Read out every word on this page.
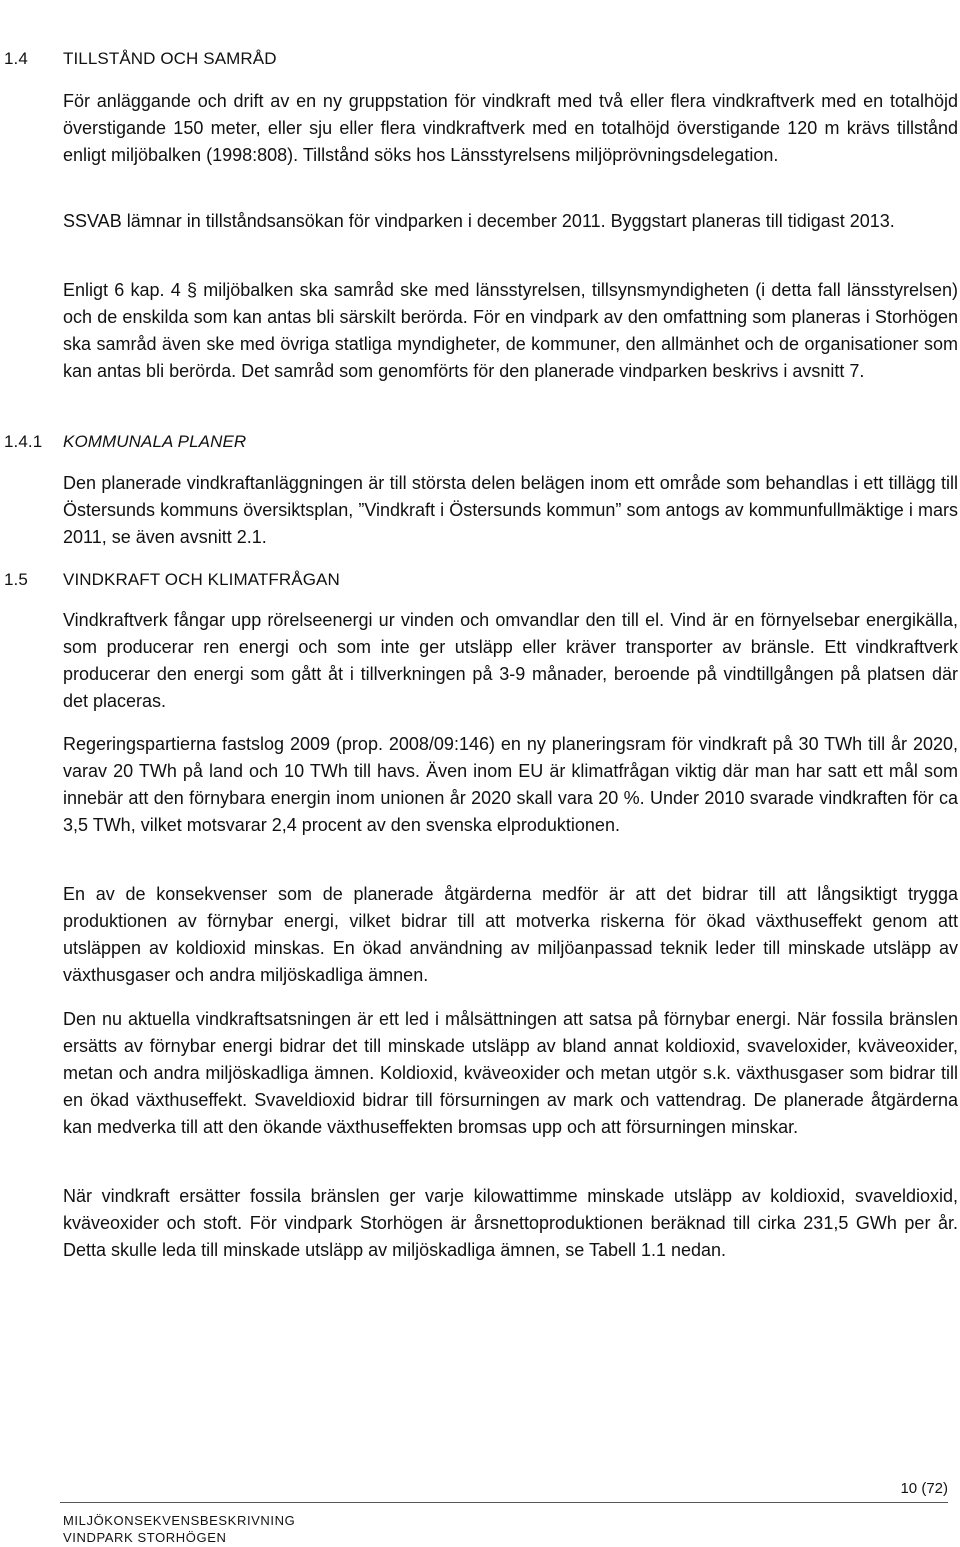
1.4 TILLSTÅND OCH SAMRÅD

För anläggande och drift av en ny gruppstation för vindkraft med två eller flera vindkraftverk med en totalhöjd överstigande 150 meter, eller sju eller flera vindkraftverk med en totalhöjd överstigande 120 m krävs tillstånd enligt miljöbalken (1998:808). Tillstånd söks hos Länsstyrelsens miljöprövningsdelegation.

SSVAB lämnar in tillståndsansökan för vindparken i december 2011. Byggstart planeras till tidigast 2013.

Enligt 6 kap. 4 § miljöbalken ska samråd ske med länsstyrelsen, tillsynsmyndigheten (i detta fall länsstyrelsen) och de enskilda som kan antas bli särskilt berörda. För en vindpark av den omfattning som planeras i Storhögen ska samråd även ske med övriga statliga myndigheter, de kommuner, den allmänhet och de organisationer som kan antas bli berörda. Det samråd som genomförts för den planerade vindparken beskrivs i avsnitt 7.

1.4.1 KOMMUNALA PLANER

Den planerade vindkraftanläggningen är till största delen belägen inom ett område som behandlas i ett tillägg till Östersunds kommuns översiktsplan, ”Vindkraft i Östersunds kommun” som antogs av kommunfullmäktige i mars 2011, se även avsnitt 2.1.

1.5 VINDKRAFT OCH KLIMATFRÅGAN

Vindkraftverk fångar upp rörelseenergi ur vinden och omvandlar den till el. Vind är en förnyelsebar energikälla, som producerar ren energi och som inte ger utsläpp eller kräver transporter av bränsle. Ett vindkraftverk producerar den energi som gått åt i tillverkningen på 3-9 månader, beroende på vindtillgången på platsen där det placeras.

Regeringspartierna fastslog 2009 (prop. 2008/09:146) en ny planeringsram för vindkraft på 30 TWh till år 2020, varav 20 TWh på land och 10 TWh till havs. Även inom EU är klimatfrågan viktig där man har satt ett mål som innebär att den förnybara energin inom unionen år 2020 skall vara 20 %. Under 2010 svarade vindkraften för ca 3,5 TWh, vilket motsvarar 2,4 procent av den svenska elproduktionen.

En av de konsekvenser som de planerade åtgärderna medför är att det bidrar till att långsiktigt trygga produktionen av förnybar energi, vilket bidrar till att motverka riskerna för ökad växthuseffekt genom att utsläppen av koldioxid minskas. En ökad användning av miljöanpassad teknik leder till minskade utsläpp av växthusgaser och andra miljöskadliga ämnen.

Den nu aktuella vindkraftsatsningen är ett led i målsättningen att satsa på förnybar energi. När fossila bränslen ersätts av förnybar energi bidrar det till minskade utsläpp av bland annat koldioxid, svaveloxider, kväveoxider, metan och andra miljöskadliga ämnen. Koldioxid, kväveoxider och metan utgör s.k. växthusgaser som bidrar till en ökad växthuseffekt. Svaveldioxid bidrar till försurningen av mark och vattendrag. De planerade åtgärderna kan medverka till att den ökande växthuseffekten bromsas upp och att försurningen minskar.

När vindkraft ersätter fossila bränslen ger varje kilowattimme minskade utsläpp av koldioxid, svaveldioxid, kväveoxider och stoft. För vindpark Storhögen är årsnettoproduktionen beräknad till cirka 231,5 GWh per år. Detta skulle leda till minskade utsläpp av miljöskadliga ämnen, se Tabell 1.1 nedan.

10 (72)
MILJÖKONSEKVENSBESKRIVNING
VINDPARK STORHÖGEN
